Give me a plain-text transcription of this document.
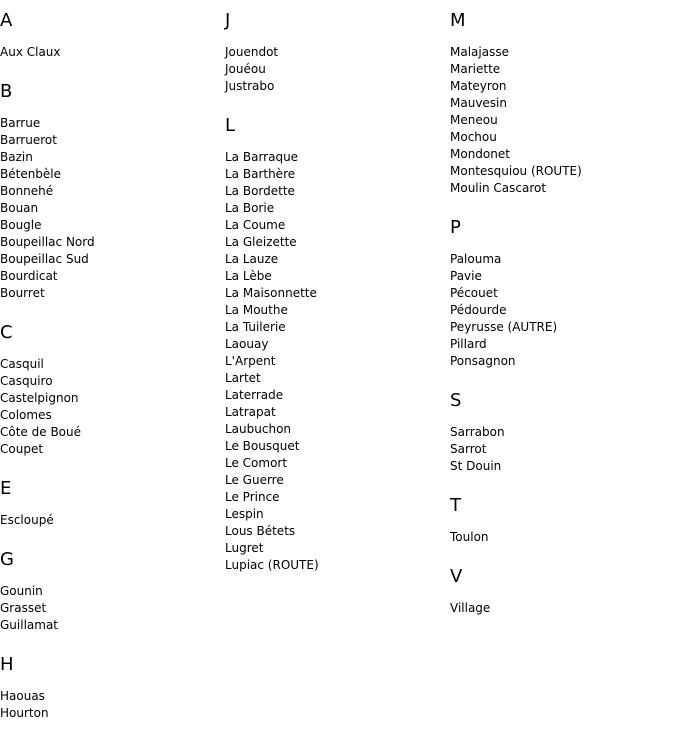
A
Aux Claux
B
Barrue
Barruerot
Bazin
Bétenbèle
Bonnehé
Bouan
Bougle
Boupeillac Nord
Boupeillac Sud
Bourdicat
Bourret
C
Casquil
Casquiro
Castelpignon
Colomes
Côte de Boué
Coupet
E
Escloupé
G
Gounin
Grasset
Guillamat
H
Haouas
Hourton
J
Jouendot
Jouéou
Justrabo
L
La Barraque
La Barthère
La Bordette
La Borie
La Coume
La Gleizette
La Lauze
La Lèbe
La Maisonnette
La Mouthe
La Tuilerie
Laouay
L'Arpent
Lartet
Laterrade
Latrapat
Laubuchon
Le Bousquet
Le Comort
Le Guerre
Le Prince
Lespin
Lous Bétets
Lugret
Lupiac (ROUTE)
M
Malajasse
Mariette
Mateyron
Mauvesin
Meneou
Mochou
Mondonet
Montesquiou (ROUTE)
Moulin Cascarot
P
Palouma
Pavie
Pécouet
Pédourde
Peyrusse (AUTRE)
Pillard
Ponsagnon
S
Sarrabon
Sarrot
St Douin
T
Toulon
V
Village
